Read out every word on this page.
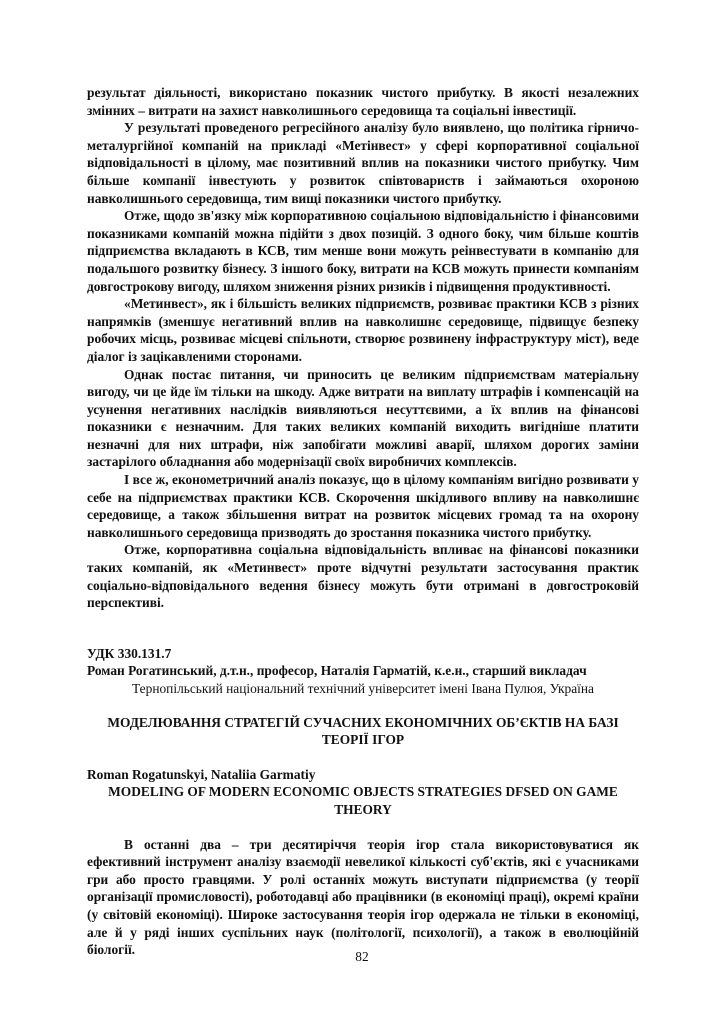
результат діяльності, використано показник чистого прибутку. В якості незалежних змінних – витрати на захист навколишнього середовища та соціальні інвестиції.

У результаті проведеного регресійного аналізу було виявлено, що політика гірничо-металургійної компаній на прикладі «Метінвест» у сфері корпоративної соціальної відповідальності в цілому, має позитивний вплив на показники чистого прибутку. Чим більше компанії інвестують у розвиток співтовариств і займаються охороною навколишнього середовища, тим вищі показники чистого прибутку.

Отже, щодо зв'язку між корпоративною соціальною відповідальністю і фінансовими показниками компаній можна підійти з двох позицій. З одного боку, чим більше коштів підприємства вкладають в КСВ, тим менше вони можуть реінвестувати в компанію для подальшого розвитку бізнесу. З іншого боку, витрати на КСВ можуть принести компаніям довгострокову вигоду, шляхом зниження різних ризиків і підвищення продуктивності.

«Метинвест», як і більшість великих підприємств, розвиває практики КСВ з різних напрямків (зменшує негативний вплив на навколишнє середовище, підвищує безпеку робочих місць, розвиває місцеві спільноти, створює розвинену інфраструктуру міст), веде діалог із зацікавленими сторонами.

Однак постає питання, чи приносить це великим підприємствам матеріальну вигоду, чи це йде їм тільки на шкоду. Адже витрати на виплату штрафів і компенсацій на усунення негативних наслідків виявляються несуттєвими, а їх вплив на фінансові показники є незначним. Для таких великих компаній виходить вигідніше платити незначні для них штрафи, ніж запобігати можливі аварії, шляхом дорогих заміни застарілого обладнання або модернізації своїх виробничих комплексів.

І все ж, економетричний аналіз показує, що в цілому компаніям вигідно розвивати у себе на підприємствах практики КСВ. Скорочення шкідливого впливу на навколишнє середовище, а також збільшення витрат на розвиток місцевих громад та на охорону навколишнього середовища призводять до зростання показника чистого прибутку.

Отже, корпоративна соціальна відповідальність впливає на фінансові показники таких компаній, як «Метинвест» проте відчутні результати застосування практик соціально-відповідального ведення бізнесу можуть бути отримані в довгостроковій перспективі.

УДК 330.131.7

Роман Рогатинський, д.т.н., професор, Наталія Гарматій, к.е.н., старший викладач

Тернопільський національний технічний університет імені Івана Пулюя, Україна

МОДЕЛЮВАННЯ СТРАТЕГІЙ СУЧАСНИХ ЕКОНОМІЧНИХ ОБ’ЄКТІВ НА БАЗІ ТЕОРІЇ ІГОР

Roman Rogatunskyi, Nataliia Garmatiy

MODELING OF MODERN ECONOMIC OBJECTS STRATEGIES DFSED ON GAME THEORY

В останні два – три десятиріччя теорія ігор стала використовуватися як ефективний інструмент аналізу взаємодії невеликої кількості суб'єктів, які є учасниками гри або просто гравцями. У ролі останніх можуть виступати підприємства (у теорії організації промисловості), роботодавці або працівники (в економіці праці), окремі країни (у світовій економіці). Широке застосування теорія ігор одержала не тільки в економіці, але й у ряді інших суспільних наук (політології, психології), а також в еволюційній біології.	82
